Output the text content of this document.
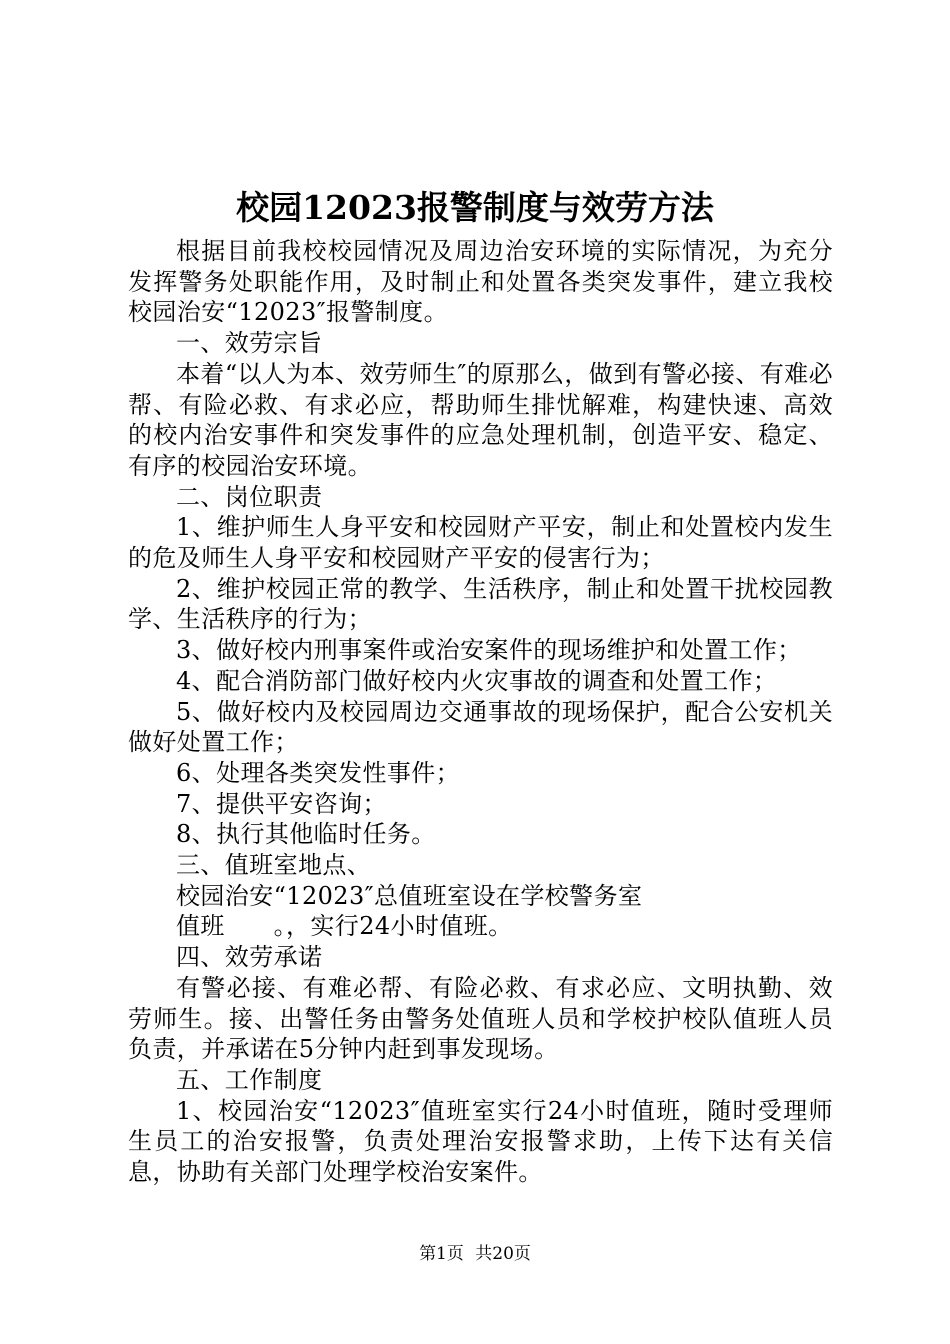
校园12023报警制度与效劳方法

根据目前我校校园情况及周边治安环境的实际情况，为充分发挥警务处职能作用，及时制止和处置各类突发事件，建立我校校园治安“12023″报警制度。

一、效劳宗旨

本着“以人为本、效劳师生″的原那么，做到有警必接、有难必帮、有险必救、有求必应，帮助师生排忧解难，构建快速、高效的校内治安事件和突发事件的应急处理机制，创造平安、稳定、有序的校园治安环境。

二、岗位职责

1、维护师生人身平安和校园财产平安，制止和处置校内发生的危及师生人身平安和校园财产平安的侵害行为；

2、维护校园正常的教学、生活秩序，制止和处置干扰校园教学、生活秩序的行为；

3、做好校内刑事案件或治安案件的现场维护和处置工作；

4、配合消防部门做好校内火灾事故的调查和处置工作；

5、做好校内及校园周边交通事故的现场保护，配合公安机关做好处置工作；

6、处理各类突发性事件；

7、提供平安咨询；

8、执行其他临时任务。

三、值班室地点、

校园治安“12023″总值班室设在学校警务室

值班　　。，实行24小时值班。

四、效劳承诺

有警必接、有难必帮、有险必救、有求必应、文明执勤、效劳师生。接、出警任务由警务处值班人员和学校护校队值班人员负责，并承诺在5分钟内赶到事发现场。

五、工作制度

1、校园治安“12023″值班室实行24小时值班，随时受理师生员工的治安报警，负责处理治安报警求助，上传下达有关信息，协助有关部门处理学校治安案件。

第1页 共20页
